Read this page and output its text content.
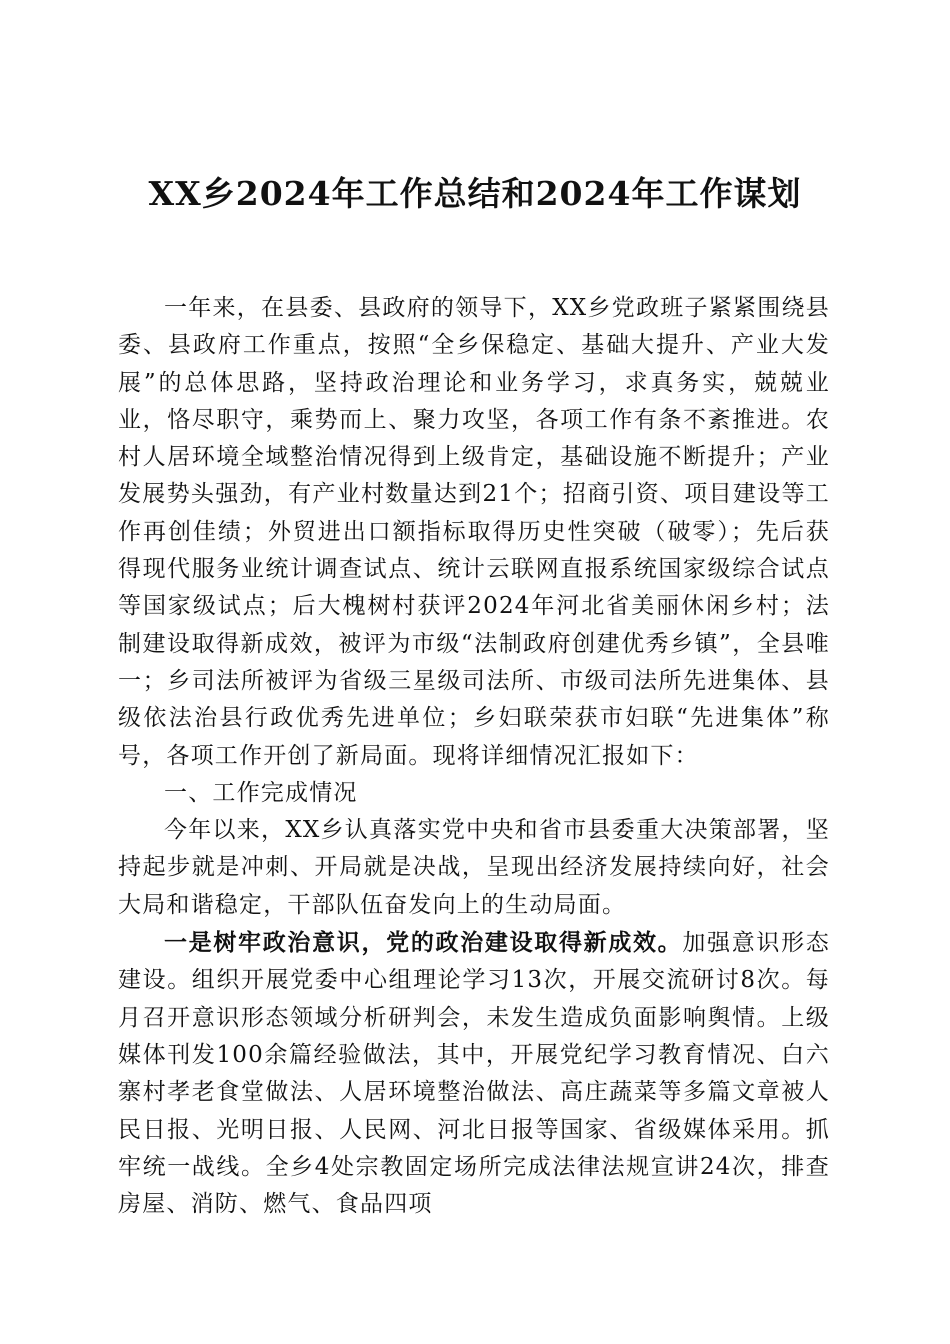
XX乡2024年工作总结和2024年工作谋划

一年来，在县委、县政府的领导下，XX乡党政班子紧紧围绕县委、县政府工作重点，按照“全乡保稳定、基础大提升、产业大发展”的总体思路，坚持政治理论和业务学习，求真务实，兢兢业业，恪尽职守，乘势而上、聚力攻坚，各项工作有条不紊推进。农村人居环境全域整治情况得到上级肯定，基础设施不断提升；产业发展势头强劲，有产业村数量达到21个；招商引资、项目建设等工作再创佳绩；外贸进出口额指标取得历史性突破（破零）；先后获得现代服务业统计调查试点、统计云联网直报系统国家级综合试点等国家级试点；后大槐树村获评2024年河北省美丽休闲乡村；法制建设取得新成效，被评为市级“法制政府创建优秀乡镇”，全县唯一；乡司法所被评为省级三星级司法所、市级司法所先进集体、县级依法治县行政优秀先进单位；乡妇联荣获市妇联“先进集体”称号，各项工作开创了新局面。现将详细情况汇报如下：

一、工作完成情况

今年以来，XX乡认真落实党中央和省市县委重大决策部署，坚持起步就是冲刺、开局就是决战，呈现出经济发展持续向好，社会大局和谐稳定，干部队伍奋发向上的生动局面。

一是树牢政治意识，党的政治建设取得新成效。加强意识形态建设。组织开展党委中心组理论学习13次，开展交流研讨8次。每月召开意识形态领域分析研判会，未发生造成负面影响舆情。上级媒体刊发100余篇经验做法，其中，开展党纪学习教育情况、白六寨村孝老食堂做法、人居环境整治做法、高庄蔬菜等多篇文章被人民日报、光明日报、人民网、河北日报等国家、省级媒体采用。抓牢统一战线。全乡4处宗教固定场所完成法律法规宣讲24次，排查房屋、消防、燃气、食品四项
